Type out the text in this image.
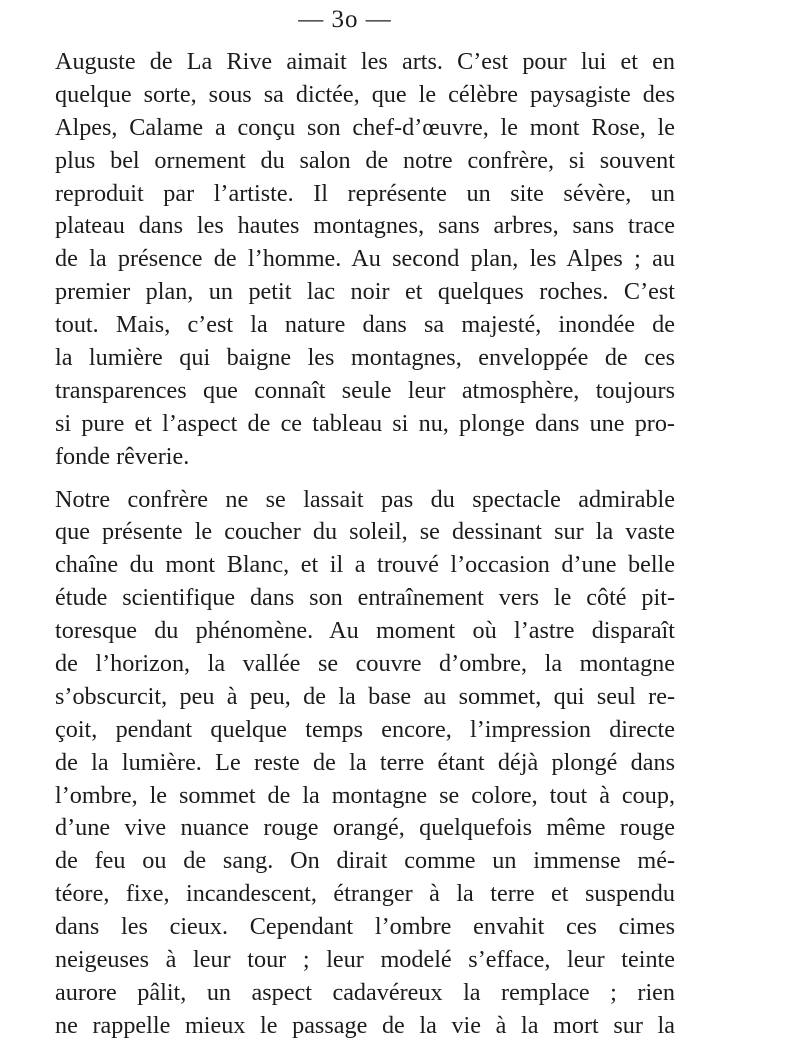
— 3o —
Auguste de La Rive aimait les arts. C’est pour lui et en
quelque sorte, sous sa dictée, que le célèbre paysagiste des
Alpes, Calame a conçu son chef-d’œuvre, le mont Rose, le
plus bel ornement du salon de notre confrère, si souvent
reproduit par l’artiste. Il représente un site sévère, un
plateau dans les hautes montagnes, sans arbres, sans trace
de la présence de l’homme. Au second plan, les Alpes ; au
premier plan, un petit lac noir et quelques roches. C’est
tout. Mais, c’est la nature dans sa majesté, inondée de
la lumière qui baigne les montagnes, enveloppée de ces
transparences que connaît seule leur atmosphère, toujours
si pure et l’aspect de ce tableau si nu, plonge dans une pro-
fonde rêverie.
Notre confrère ne se lassait pas du spectacle admirable
que présente le coucher du soleil, se dessinant sur la vaste
chaîne du mont Blanc, et il a trouvé l’occasion d’une belle
étude scientifique dans son entraînement vers le côté pit-
toresque du phénomène. Au moment où l’astre disparaît
de l’horizon, la vallée se couvre d’ombre, la montagne
s’obscurcit, peu à peu, de la base au sommet, qui seul re-
çoit, pendant quelque temps encore, l’impression directe
de la lumière. Le reste de la terre étant déjà plongé dans
l’ombre, le sommet de la montagne se colore, tout à coup,
d’une vive nuance rouge orangé, quelquefois même rouge
de feu ou de sang. On dirait comme un immense mé-
téore, fixe, incandescent, étranger à la terre et suspendu
dans les cieux. Cependant l’ombre envahit ces cimes
neigeuses à leur tour ; leur modelé s’efface, leur teinte
aurore pâlit, un aspect cadavéreux la remplace ; rien
ne rappelle mieux le passage de la vie à la mort sur la
